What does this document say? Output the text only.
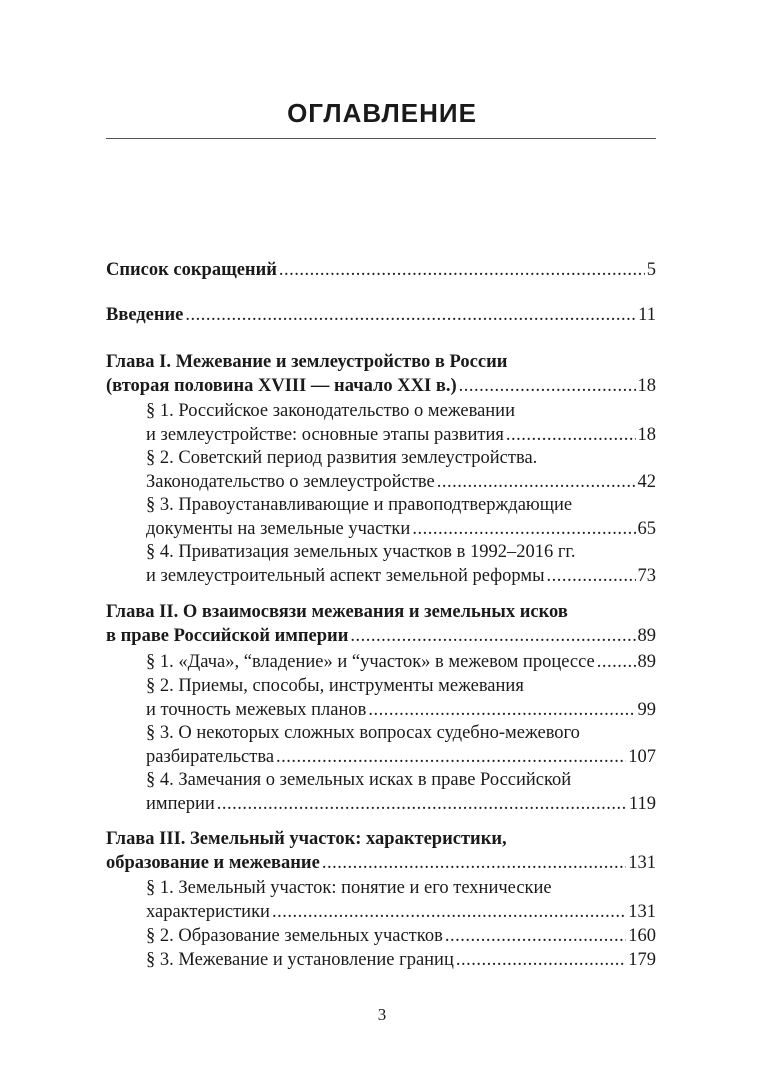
ОГЛАВЛЕНИЕ
Список сокращений .....	5
Введение .....	11
Глава I. Межевание и землеустройство в России
(вторая половина XVIII — начало XXI в.) .....	18
§ 1. Российское законодательство о межевании
и землеустройстве: основные этапы развития .....	18
§ 2. Советский период развития землеустройства.
Законодательство о землеустройстве .....	42
§ 3. Правоустанавливающие и правоподтверждающие
документы на земельные участки .....	65
§ 4. Приватизация земельных участков в 1992–2016 гг.
и землеустроительный аспект земельной реформы .....	73
Глава II. О взаимосвязи межевания и земельных исков
в праве Российской империи .....	89
§ 1. «Дача», “владение» и “участок» в межевом процессе ..... 89
§ 2. Приемы, способы, инструменты межевания
и точность межевых планов .....	99
§ 3. О некоторых сложных вопросах судебно-межевого
разбирательства .....	107
§ 4. Замечания о земельных исках в праве Российской
империи .....	119
Глава III. Земельный участок: характеристики,
образование и межевание .....	131
§ 1. Земельный участок: понятие и его технические
характеристики .....	131
§ 2. Образование земельных участков .....	160
§ 3. Межевание и установление границ .....	179
3
